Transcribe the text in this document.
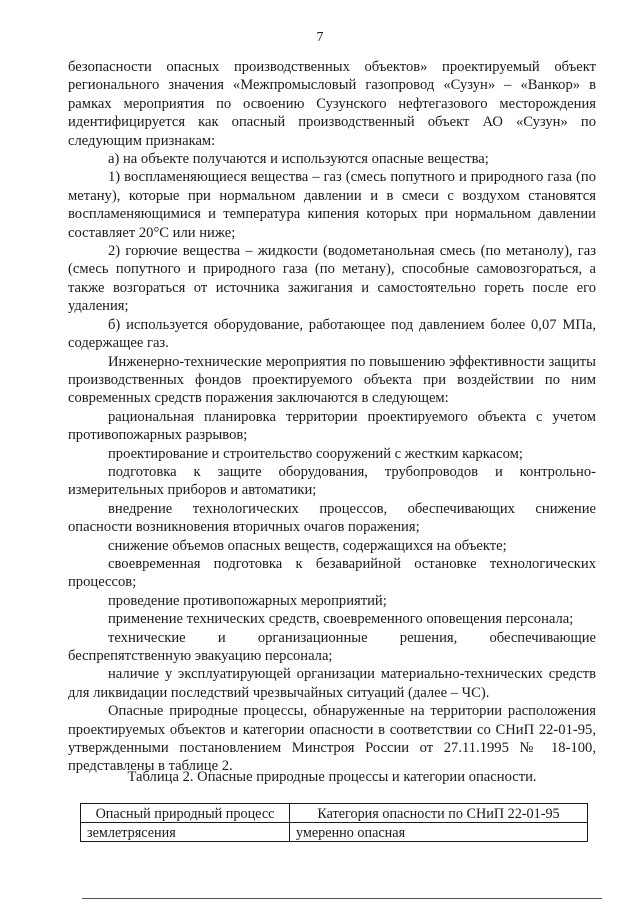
7

безопасности опасных производственных объектов» проектируемый объект регионального значения «Межпромысловый газопровод «Сузун» – «Ванкор» в рамках мероприятия по освоению Сузунского нефтегазового месторождения идентифицируется как опасный производственный объект АО «Сузун» по следующим признакам:

а) на объекте получаются и используются опасные вещества;

1) воспламеняющиеся вещества – газ (смесь попутного и природного газа (по метану), которые при нормальном давлении и в смеси с воздухом становятся воспламеняющимися и температура кипения которых при нормальном давлении составляет 20°С или ниже;

2) горючие вещества – жидкости (водометанольная смесь (по метанолу), газ (смесь попутного и природного газа (по метану), способные самовозгораться, а также возгораться от источника зажигания и самостоятельно гореть после его удаления;

б) используется оборудование, работающее под давлением более 0,07 МПа, содержащее газ.

Инженерно-технические мероприятия по повышению эффективности защиты производственных фондов проектируемого объекта при воздействии по ним современных средств поражения заключаются в следующем:

рациональная планировка территории проектируемого объекта с учетом противопожарных разрывов;

проектирование и строительство сооружений с жестким каркасом;

подготовка к защите оборудования, трубопроводов и контрольно-измерительных приборов и автоматики;

внедрение технологических процессов, обеспечивающих снижение опасности возникновения вторичных очагов поражения;

снижение объемов опасных веществ, содержащихся на объекте;

своевременная подготовка к безаварийной остановке технологических процессов;

проведение противопожарных мероприятий;

применение технических средств, своевременного оповещения персонала;

технические и организационные решения, обеспечивающие беспрепятственную эвакуацию персонала;

наличие у эксплуатирующей организации материально-технических средств для ликвидации последствий чрезвычайных ситуаций (далее – ЧС).

Опасные природные процессы, обнаруженные на территории расположения проектируемых объектов и категории опасности в соответствии со СНиП 22-01-95, утвержденными постановлением Минстроя России от 27.11.1995 № 18-100, представлены в таблице 2.

Таблица 2. Опасные природные процессы и категории опасности.
Опасный природный процесс	Категория опасности по СНиП 22-01-95
землетрясения	умеренно опасная
